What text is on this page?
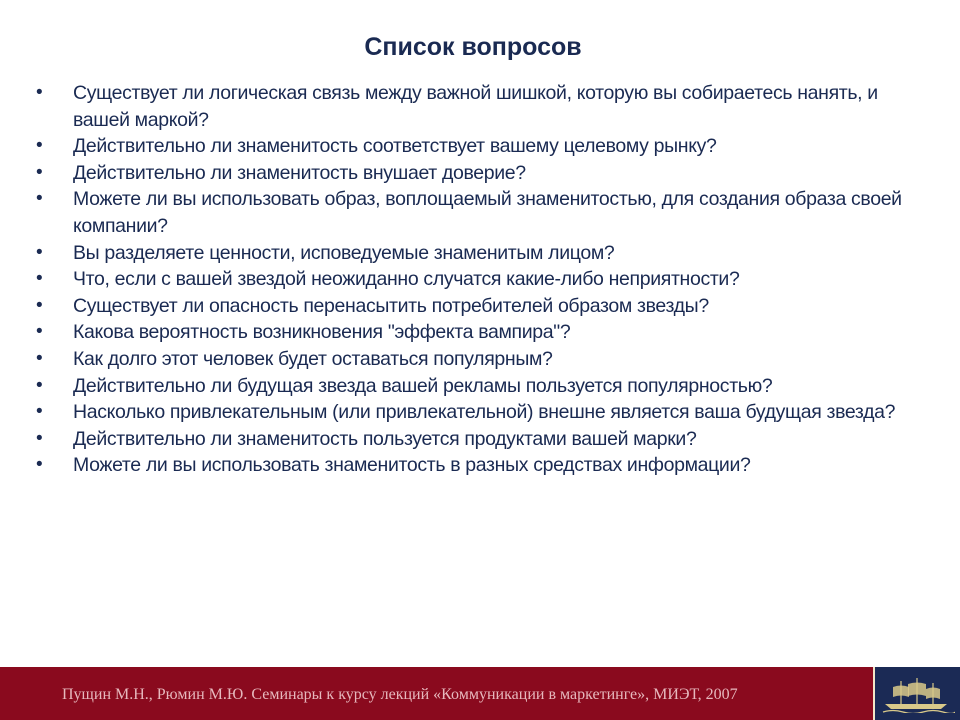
Список вопросов
• Существует ли логическая связь между важной шишкой, которую вы собираетесь нанять, и вашей маркой?
• Действительно ли знаменитость соответствует вашему целевому рынку?
• Действительно ли знаменитость внушает доверие?
• Можете ли вы использовать образ, воплощаемый знаменитостью, для создания образа своей компании?
• Вы разделяете ценности, исповедуемые знаменитым лицом?
• Что, если с вашей звездой неожиданно случатся какие-либо неприятности?
• Существует ли опасность перенасытить потребителей образом звезды?
• Какова вероятность возникновения "эффекта вампира"?
• Как долго этот человек будет оставаться популярным?
• Действительно ли будущая звезда вашей рекламы пользуется популярностью?
• Насколько привлекательным (или привлекательной) внешне является ваша будущая звезда?
• Действительно ли знаменитость пользуется продуктами вашей марки?
• Можете ли вы использовать знаменитость в разных средствах информации?
Пущин М.Н., Рюмин М.Ю. Семинары к курсу лекций «Коммуникации в маркетинге», МИЭТ, 2007
